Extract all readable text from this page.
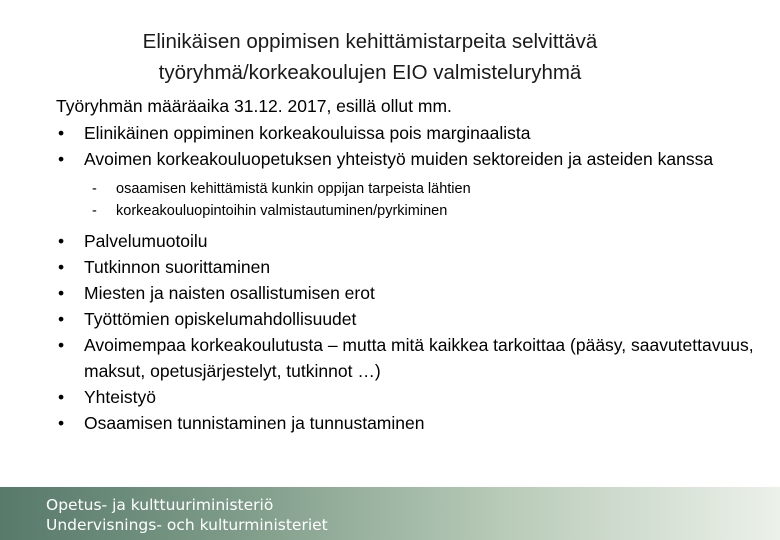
Elinikäisen oppimisen kehittämistarpeita selvittävä
työryhmä/korkeakoulujen EIO valmisteluryhmä
Työryhmän määräaika 31.12. 2017, esillä ollut mm.
• Elinikäinen oppiminen korkeakouluissa pois marginaalista
• Avoimen korkeakouluopetuksen yhteistyö muiden sektoreiden ja asteiden kanssa
- osaamisen kehittämistä kunkin oppijan tarpeista lähtien
- korkeakouluopintoihin valmistautuminen/pyrkiminen
• Palvelumuotoilu
• Tutkinnon suorittaminen
• Miesten ja naisten osallistumisen erot
• Työttömien opiskelumahdollisuudet
• Avoimempaa korkeakoulutusta – mutta mitä kaikkea tarkoittaa (pääsy, saavutettavuus, maksut, opetusjärjestelyt, tutkinnot …)
• Yhteistyö
• Osaamisen tunnistaminen ja tunnustaminen
Opetus- ja kulttuuriministeriö
Undervisnings- och kulturministeriet
